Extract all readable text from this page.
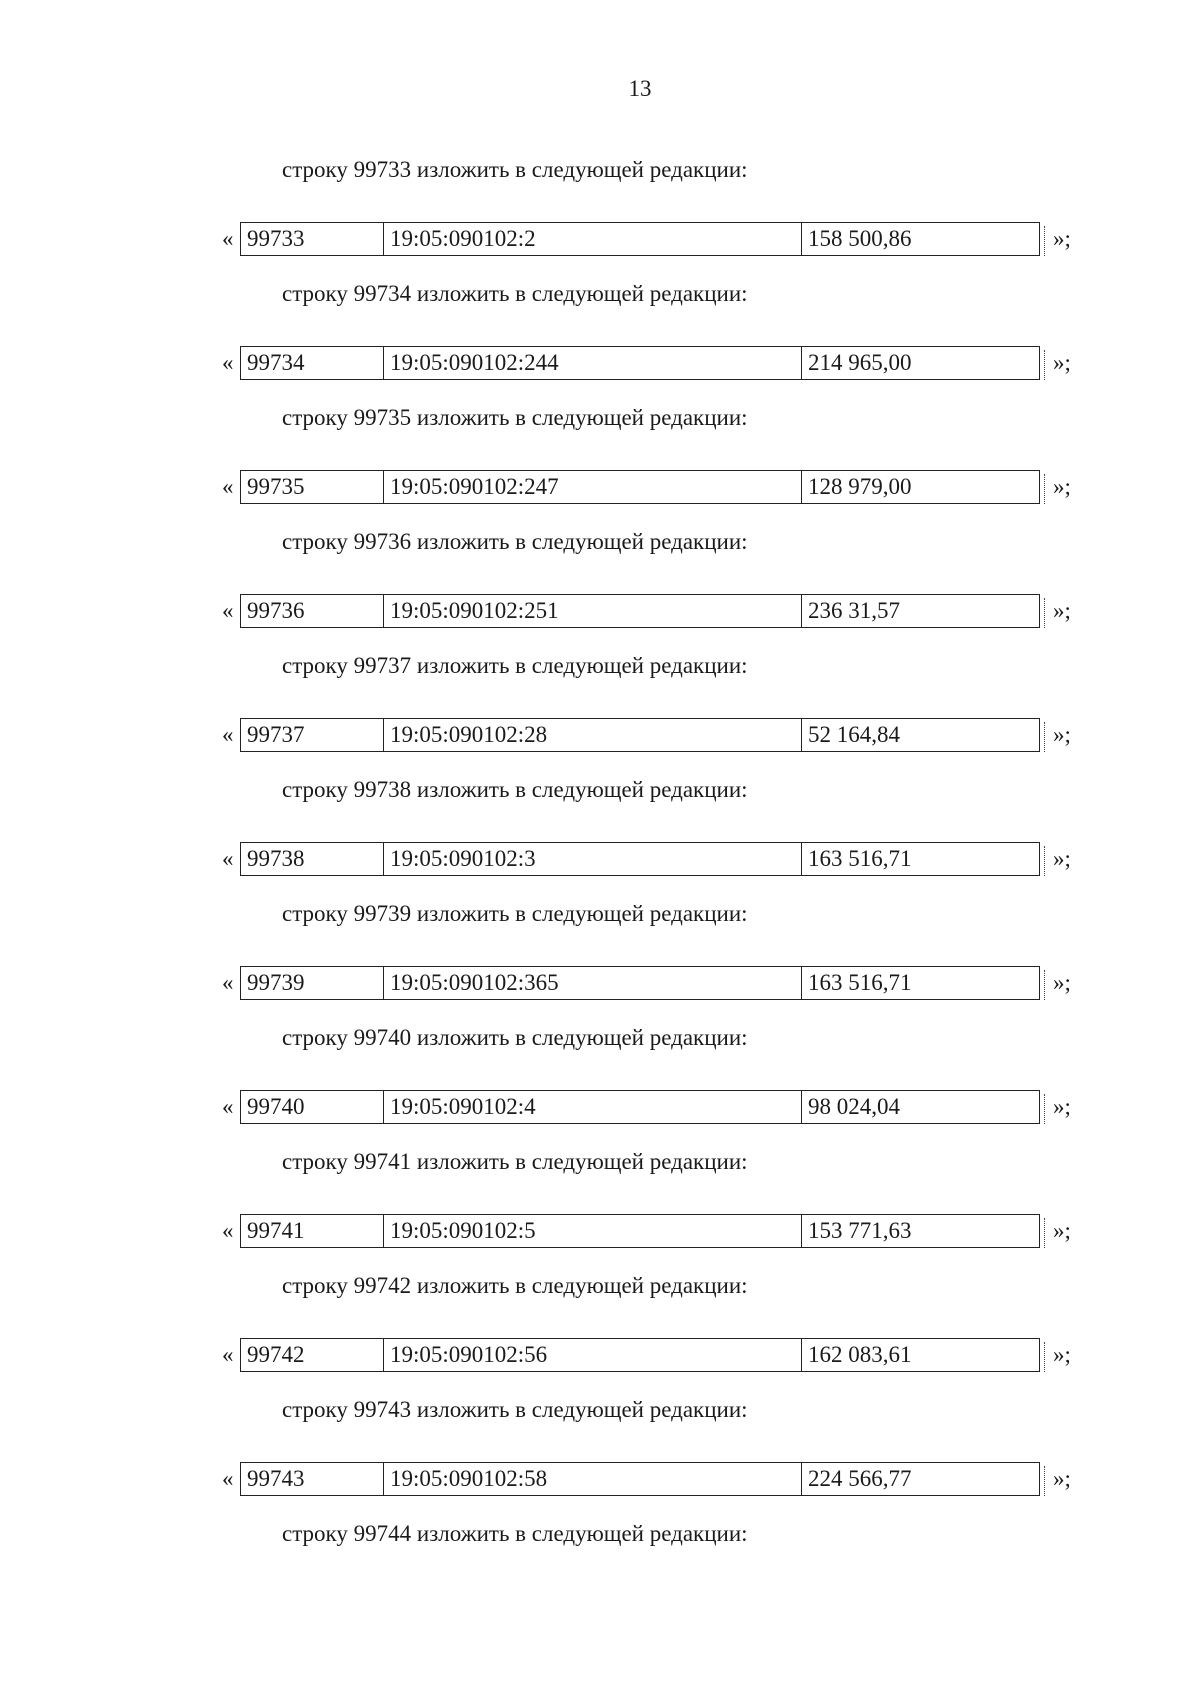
13
строку 99733 изложить в следующей редакции:
« 99733	19:05:090102:2	158 500,86	»;
строку 99734 изложить в следующей редакции:
« 99734	19:05:090102:244	214 965,00	»;
строку 99735 изложить в следующей редакции:
« 99735	19:05:090102:247	128 979,00	»;
строку 99736 изложить в следующей редакции:
« 99736	19:05:090102:251	236 31,57	»;
строку 99737 изложить в следующей редакции:
« 99737	19:05:090102:28	52 164,84	»;
строку 99738 изложить в следующей редакции:
« 99738	19:05:090102:3	163 516,71	»;
строку 99739 изложить в следующей редакции:
« 99739	19:05:090102:365	163 516,71	»;
строку 99740 изложить в следующей редакции:
« 99740	19:05:090102:4	98 024,04	»;
строку 99741 изложить в следующей редакции:
« 99741	19:05:090102:5	153 771,63	»;
строку 99742 изложить в следующей редакции:
« 99742	19:05:090102:56	162 083,61	»;
строку 99743 изложить в следующей редакции:
« 99743	19:05:090102:58	224 566,77	»;
строку 99744 изложить в следующей редакции:
